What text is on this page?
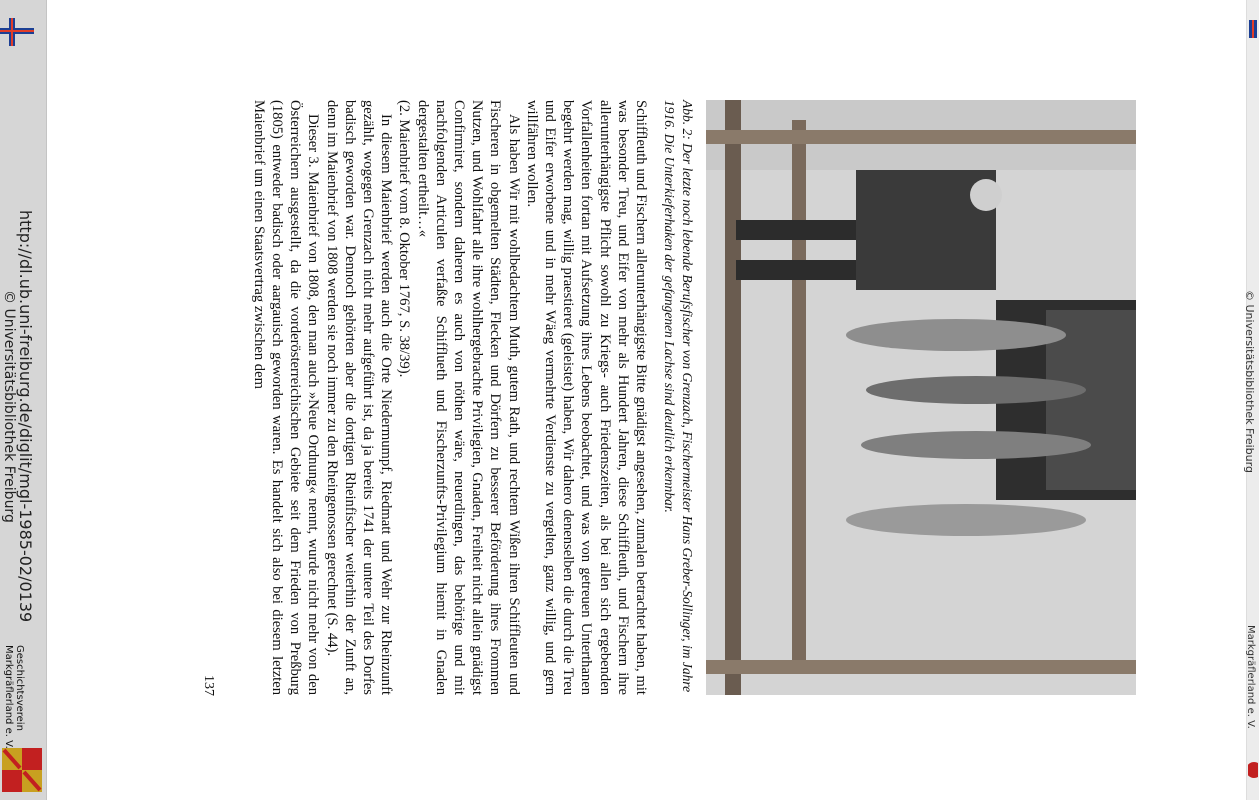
http://dl.ub.uni-freiburg.de/diglit/mgl-1985-02/0139
© Universitätsbibliothek Freiburg
Geschichtsverein
Markgräflerland e. V.
© Universitätsbibliothek Freiburg
Markgräflerland e. V.
Abb. 2: Der letzte noch lebende Berufsfischer von Grenzach, Fischermeister Hans Greber-Sollinger, im Jahre 1916. Die Unterkieferhaken der gefangenen Lachse sind deutlich erkennbar.

Schiffleuth und Fischern allerunterhängigste Bitte gnädigst angesehen, zumalen betrachtet haben, mit was besonder Treu, und Eifer von mehr als Hundert Jahren, diese Schiffleuth, und Fischern ihre allerunterhängigste Pflicht sowohl zu Kriegs- auch Friedenszeiten, als bei allen sich ergebenden Vorfallenheiten fortan mit Aufsetzung ihres Lebens beobachtet, und was von getreuen Unterthanen begehrt werden mag, willig praestieret (geleistet) haben, Wir dahero denenselben die durch die Treu und Eifer erworbene und in mehr Wäeg vermehrte Verdienste zu vergelten, ganz willig, und gern willfähren wollen.

Als haben Wir mit wohlbedachtem Muth, gutem Rath, und rechtem Wißen ihren Schiffleuten und Fischeren in obgemelten Städten, Flecken und Dörfern zu besserer Beförderung ihres Frommen Nutzen, und Wohlfahrt alle ihre wohlhergebrachte Privilegien, Gnaden, Freiheit nicht allein gnädigst Confirmiret, sondern daheren es auch von nöthen wäre, neuerdingen, das behörige und mit nachfolgenden Articulen verfaßte Schifflueth und Fischerzunfts-Privilegium hiemit in Gnaden dergestalten ertheilt…«

(2. Maienbrief vom 8. Oktober 1767, S. 38/39).

In diesem Maienbrief werden auch die Orte Niedermumpf, Riedmatt und Wehr zur Rheinzunft gezählt, wogegen Grenzach nicht mehr aufgeführt ist, da ja bereits 1741 der untere Teil des Dorfes badisch geworden war. Dennoch gehörten aber die dortigen Rheinfischer weiterhin der Zunft an, denn im Maienbrief von 1808 werden sie noch immer zu den Rheingenossen gerechnet (S. 44).

Dieser 3. Maienbrief von 1808, den man auch »Neue Ordnung« nennt, wurde nicht mehr von den Österreichern ausgestellt, da die vorderösterreichischen Gebiete seit dem Frieden von Preßburg (1805) entweder badisch oder aargauisch geworden waren. Es handelt sich also bei diesem letzten Maienbrief um einen Staatsvertrag zwischen dem

137
